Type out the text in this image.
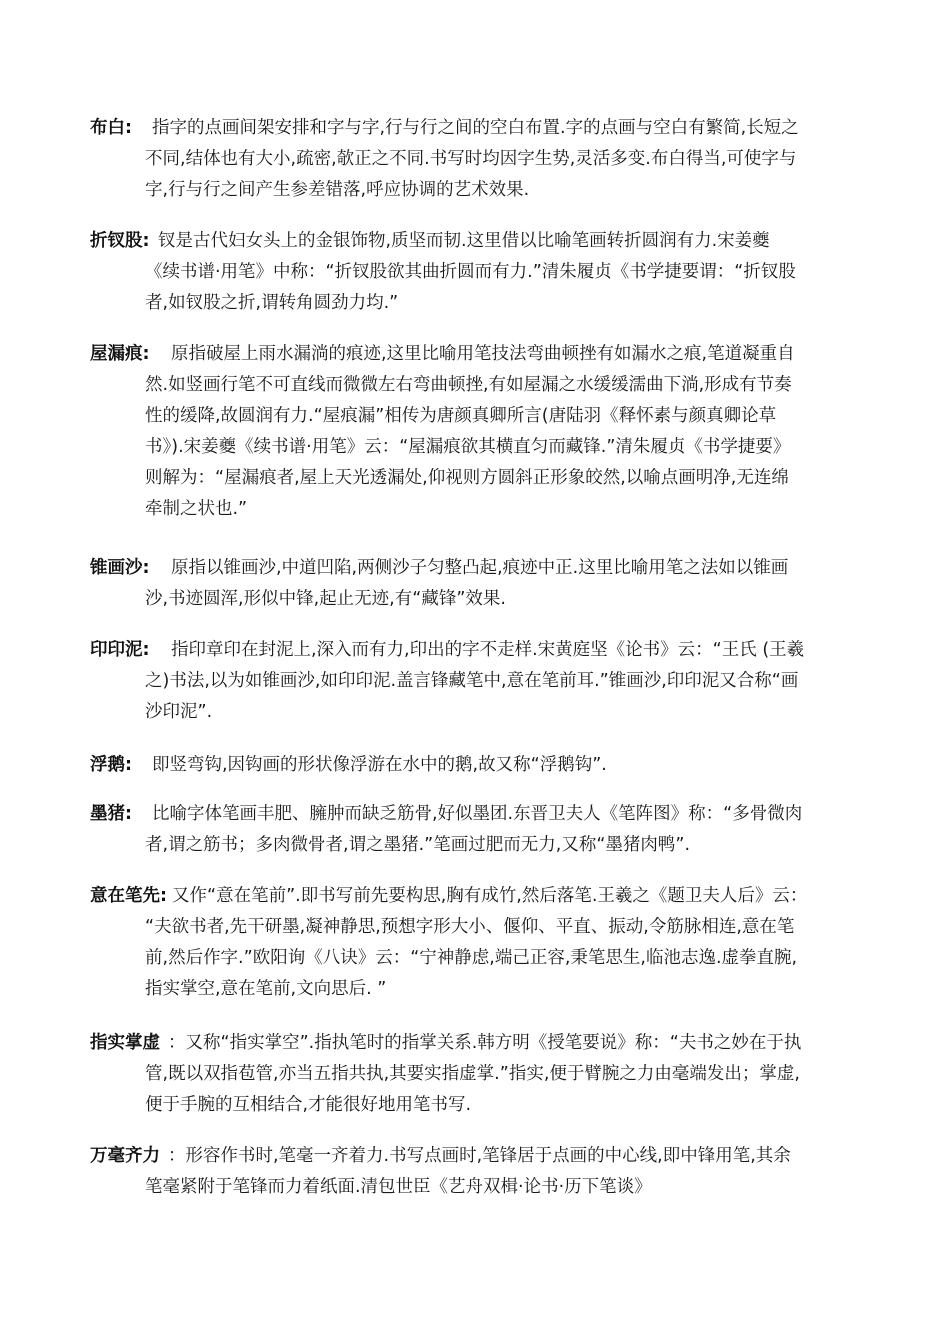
布白:	指字的点画间架安排和字与字,行与行之间的空白布置.字的点画与空白有繁简,长短之
不同,结体也有大小,疏密,欹正之不同.书写时均因字生势,灵活多变.布白得当,可使字与
字,行与行之间产生参差错落,呼应协调的艺术效果.
折钗股: 钗是古代妇女头上的金银饰物,质坚而韧.这里借以比喻笔画转折圆润有力.宋姜夔
《续书谱·用笔》中称：“折钗股欲其曲折圆而有力.”清朱履贞《书学捷要谓：“折钗股
者,如钗股之折,谓转角圆劲力均.”
屋漏痕:	原指破屋上雨水漏淌的痕迹,这里比喻用笔技法弯曲顿挫有如漏水之痕,笔道凝重自
然.如竖画行笔不可直线而微微左右弯曲顿挫,有如屋漏之水缓缓濡曲下淌,形成有节奏
性的缓降,故圆润有力.“屋痕漏”相传为唐颜真卿所言(唐陆羽《释怀素与颜真卿论草
书》).宋姜夔《续书谱·用笔》云：“屋漏痕欲其横直匀而藏锋.”清朱履贞《书学捷要》
则解为：“屋漏痕者,屋上天光透漏处,仰视则方圆斜正形象皎然,以喻点画明净,无连绵
牵制之状也.”
锥画沙:	原指以锥画沙,中道凹陷,两侧沙子匀整凸起,痕迹中正.这里比喻用笔之法如以锥画
沙,书迹圆浑,形似中锋,起止无迹,有“藏锋”效果.
印印泥:	指印章印在封泥上,深入而有力,印出的字不走样.宋黄庭坚《论书》云：“王氏 (王羲
之)书法,以为如锥画沙,如印印泥.盖言锋藏笔中,意在笔前耳.”锥画沙,印印泥又合称“画
沙印泥”.
浮鹅:	即竖弯钩,因钩画的形状像浮游在水中的鹅,故又称“浮鹅钩”.
墨猪:	比喻字体笔画丰肥、臃肿而缺乏筋骨,好似墨团.东晋卫夫人《笔阵图》称：“多骨微肉
者,谓之筋书；多肉微骨者,谓之墨猪.”笔画过肥而无力,又称“墨猪肉鸭”.
意在笔先: 又作“意在笔前”.即书写前先要构思,胸有成竹,然后落笔.王羲之《题卫夫人后》云：
“夫欲书者,先干研墨,凝神静思,预想字形大小、偃仰、平直、振动,令筋脉相连,意在笔
前,然后作字.”欧阳询《八诀》云：“宁神静虑,端己正容,秉笔思生,临池志逸.虚拳直腕,
指实掌空,意在笔前,文向思后. ”
指实掌虚 ：又称“指实掌空”.指执笔时的指掌关系.韩方明《授笔要说》称：“夫书之妙在于执
管,既以双指苞管,亦当五指共执,其要实指虚掌.”指实,便于臂腕之力由毫端发出；掌虚,
便于手腕的互相结合,才能很好地用笔书写.
万毫齐力 ：形容作书时,笔毫一齐着力.书写点画时,笔锋居于点画的中心线,即中锋用笔,其余
笔毫紧附于笔锋而力着纸面.清包世臣《艺舟双楫·论书·历下笔谈》
